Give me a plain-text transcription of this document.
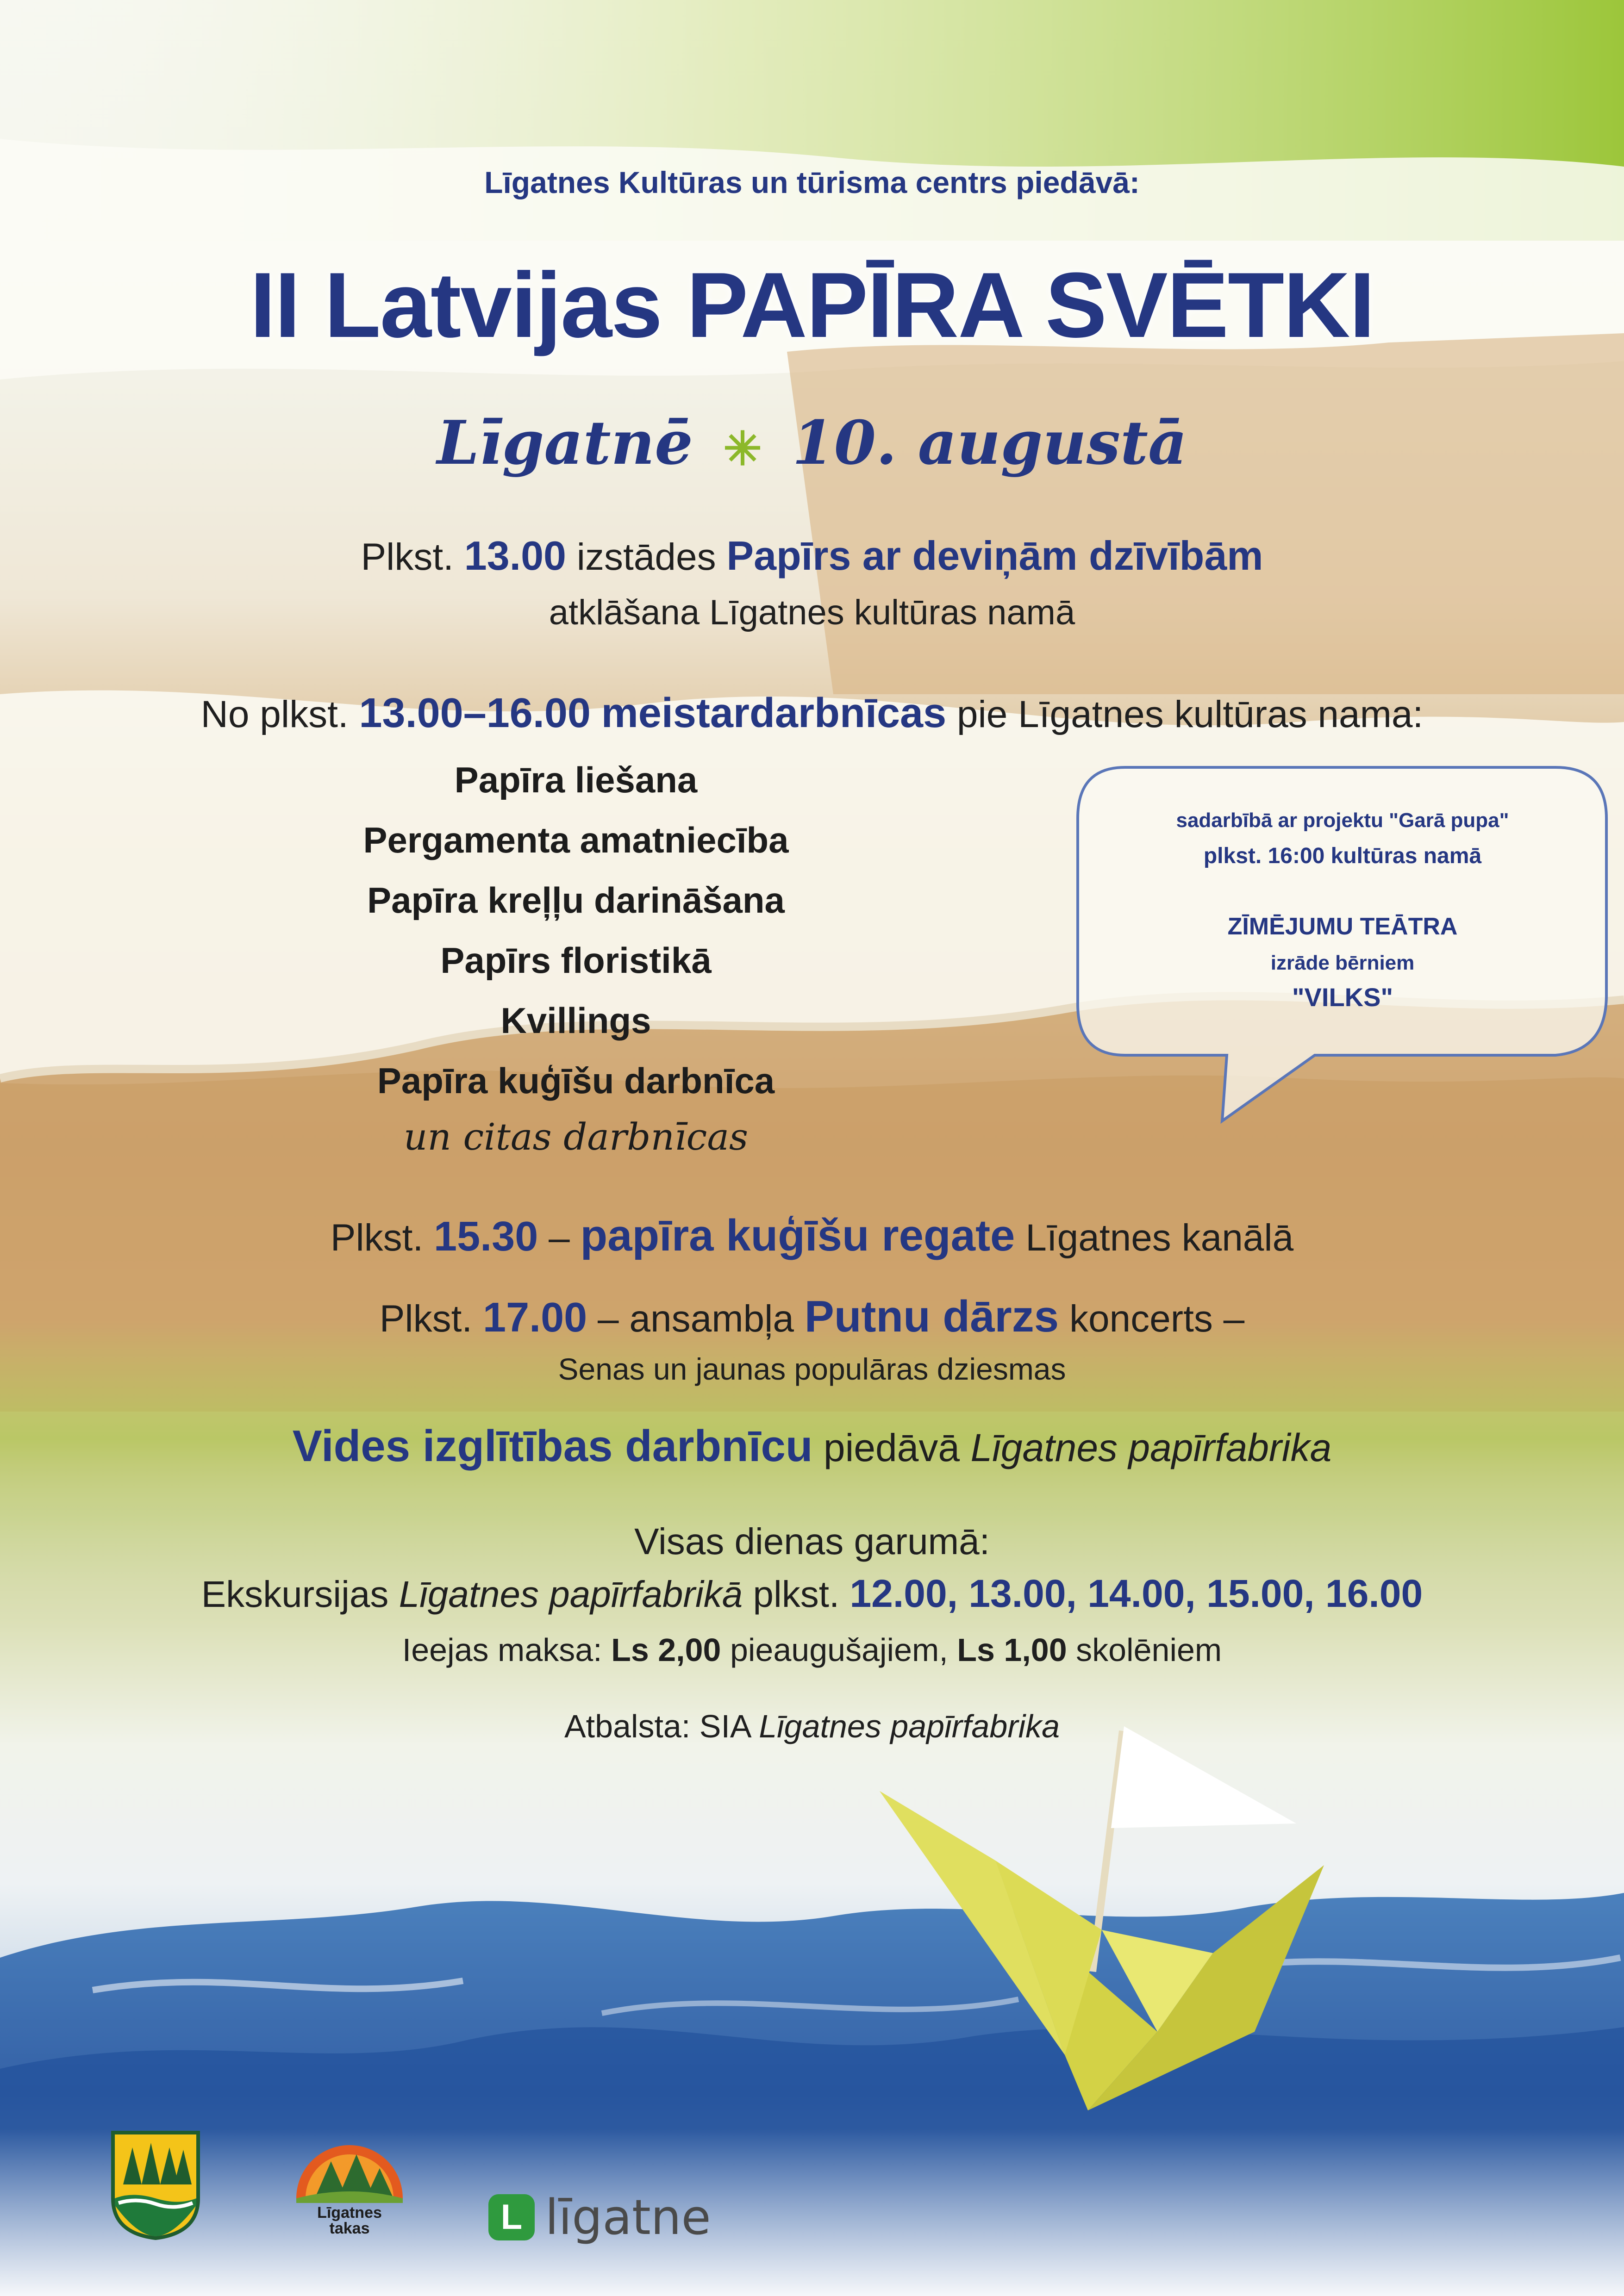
Līgatnes Kultūras un tūrisma centrs piedāvā:
II Latvijas PAPĪRA SVĒTKI
Līgatnē ✳ 10. augustā
Plkst. 13.00 izstādes Papīrs ar deviņām dzīvībām
atklāšana Līgatnes kultūras namā
No plkst. 13.00–16.00 meistardarbnīcas pie Līgatnes kultūras nama:
Papīra liešana
Pergamenta amatniecība
Papīra kreļļu darināšana
Papīrs floristikā
Kvillings
Papīra kuģīšu darbnīca
un citas darbnīcas
sadarbībā ar projektu "Garā pupa"
plkst. 16:00 kultūras namā
ZĪMĒJUMU TEĀTRA
izrāde bērniem
"VILKS"
Plkst. 15.30 – papīra kuģīšu regate Līgatnes kanālā
Plkst. 17.00 – ansambļa Putnu dārzs koncerts –
Senas un jaunas populāras dziesmas
Vides izglītības darbnīcu piedāvā Līgatnes papīrfabrika
Visas dienas garumā:
Ekskursijas Līgatnes papīrfabrikā plkst. 12.00, 13.00, 14.00, 15.00, 16.00
Ieejas maksa: Ls 2,00 pieaugušajiem, Ls 1,00 skolēniem
Atbalsta: SIA Līgatnes papīrfabrika
Līgatnes
takas	L līgatne
